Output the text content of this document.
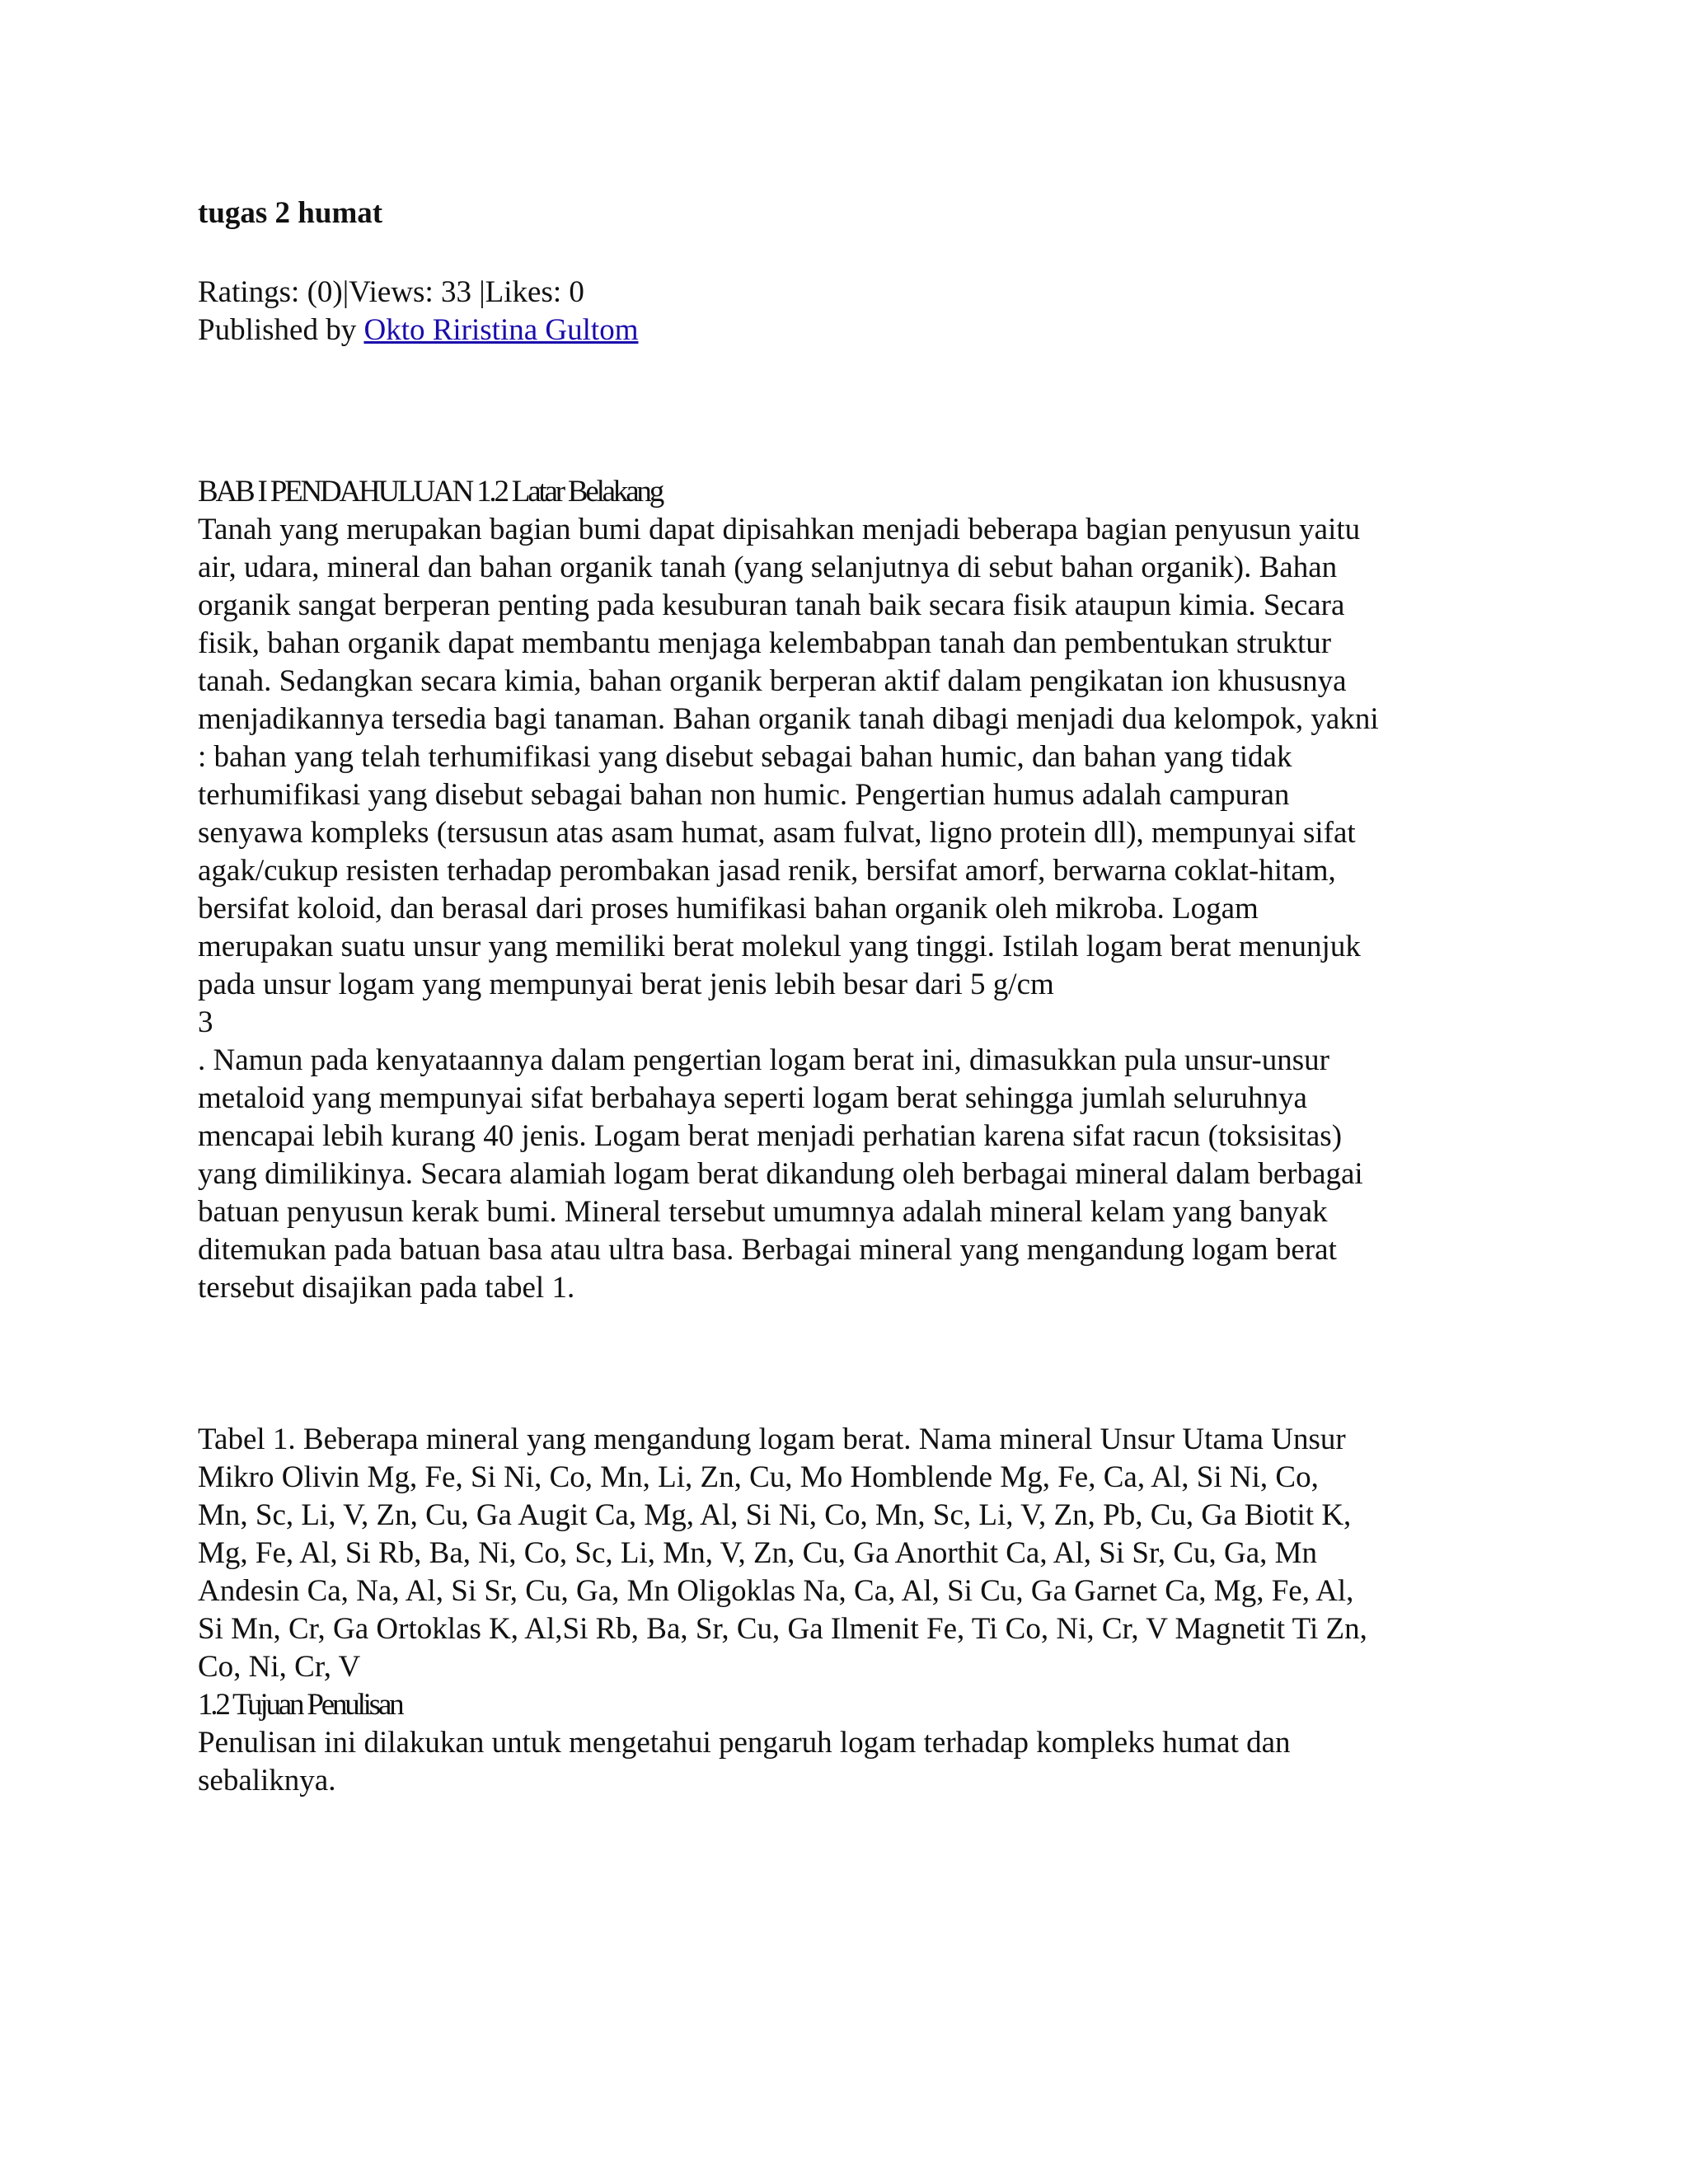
tugas 2 humat
Ratings: (0)|Views: 33 |Likes: 0
Published by Okto Riristina Gultom
BAB I PENDAHULUAN 1.2 Latar Belakang
Tanah yang merupakan bagian bumi dapat dipisahkan menjadi beberapa bagian penyusun yaitu
air, udara, mineral dan bahan organik tanah (yang selanjutnya di sebut bahan organik). Bahan
organik sangat berperan penting pada kesuburan tanah baik secara fisik ataupun kimia. Secara
fisik, bahan organik dapat membantu menjaga kelembabpan tanah dan pembentukan struktur
tanah. Sedangkan secara kimia, bahan organik berperan aktif dalam pengikatan ion khususnya
menjadikannya tersedia bagi tanaman. Bahan organik tanah dibagi menjadi dua kelompok, yakni
: bahan yang telah terhumifikasi yang disebut sebagai bahan humic, dan bahan yang tidak
terhumifikasi yang disebut sebagai bahan non humic. Pengertian humus adalah campuran
senyawa kompleks (tersusun atas asam humat, asam fulvat, ligno protein dll), mempunyai sifat
agak/cukup resisten terhadap perombakan jasad renik, bersifat amorf, berwarna coklat-hitam,
bersifat koloid, dan berasal dari proses humifikasi bahan organik oleh mikroba. Logam
merupakan suatu unsur yang memiliki berat molekul yang tinggi. Istilah logam berat menunjuk
pada unsur logam yang mempunyai berat jenis lebih besar dari 5 g/cm
3
. Namun pada kenyataannya dalam pengertian logam berat ini, dimasukkan pula unsur-unsur
metaloid yang mempunyai sifat berbahaya seperti logam berat sehingga jumlah seluruhnya
mencapai lebih kurang 40 jenis. Logam berat menjadi perhatian karena sifat racun (toksisitas)
yang dimilikinya. Secara alamiah logam berat dikandung oleh berbagai mineral dalam berbagai
batuan penyusun kerak bumi. Mineral tersebut umumnya adalah mineral kelam yang banyak
ditemukan pada batuan basa atau ultra basa. Berbagai mineral yang mengandung logam berat
tersebut disajikan pada tabel 1.
Tabel 1. Beberapa mineral yang mengandung logam berat. Nama mineral Unsur Utama Unsur
Mikro Olivin Mg, Fe, Si Ni, Co, Mn, Li, Zn, Cu, Mo Homblende Mg, Fe, Ca, Al, Si Ni, Co,
Mn, Sc, Li, V, Zn, Cu, Ga Augit Ca, Mg, Al, Si Ni, Co, Mn, Sc, Li, V, Zn, Pb, Cu, Ga Biotit K,
Mg, Fe, Al, Si Rb, Ba, Ni, Co, Sc, Li, Mn, V, Zn, Cu, Ga Anorthit Ca, Al, Si Sr, Cu, Ga, Mn
Andesin Ca, Na, Al, Si Sr, Cu, Ga, Mn Oligoklas Na, Ca, Al, Si Cu, Ga Garnet Ca, Mg, Fe, Al,
Si Mn, Cr, Ga Ortoklas K, Al,Si Rb, Ba, Sr, Cu, Ga Ilmenit Fe, Ti Co, Ni, Cr, V Magnetit Ti Zn,
Co, Ni, Cr, V
1.2 Tujuan Penulisan
Penulisan ini dilakukan untuk mengetahui pengaruh logam terhadap kompleks humat dan
sebaliknya.
